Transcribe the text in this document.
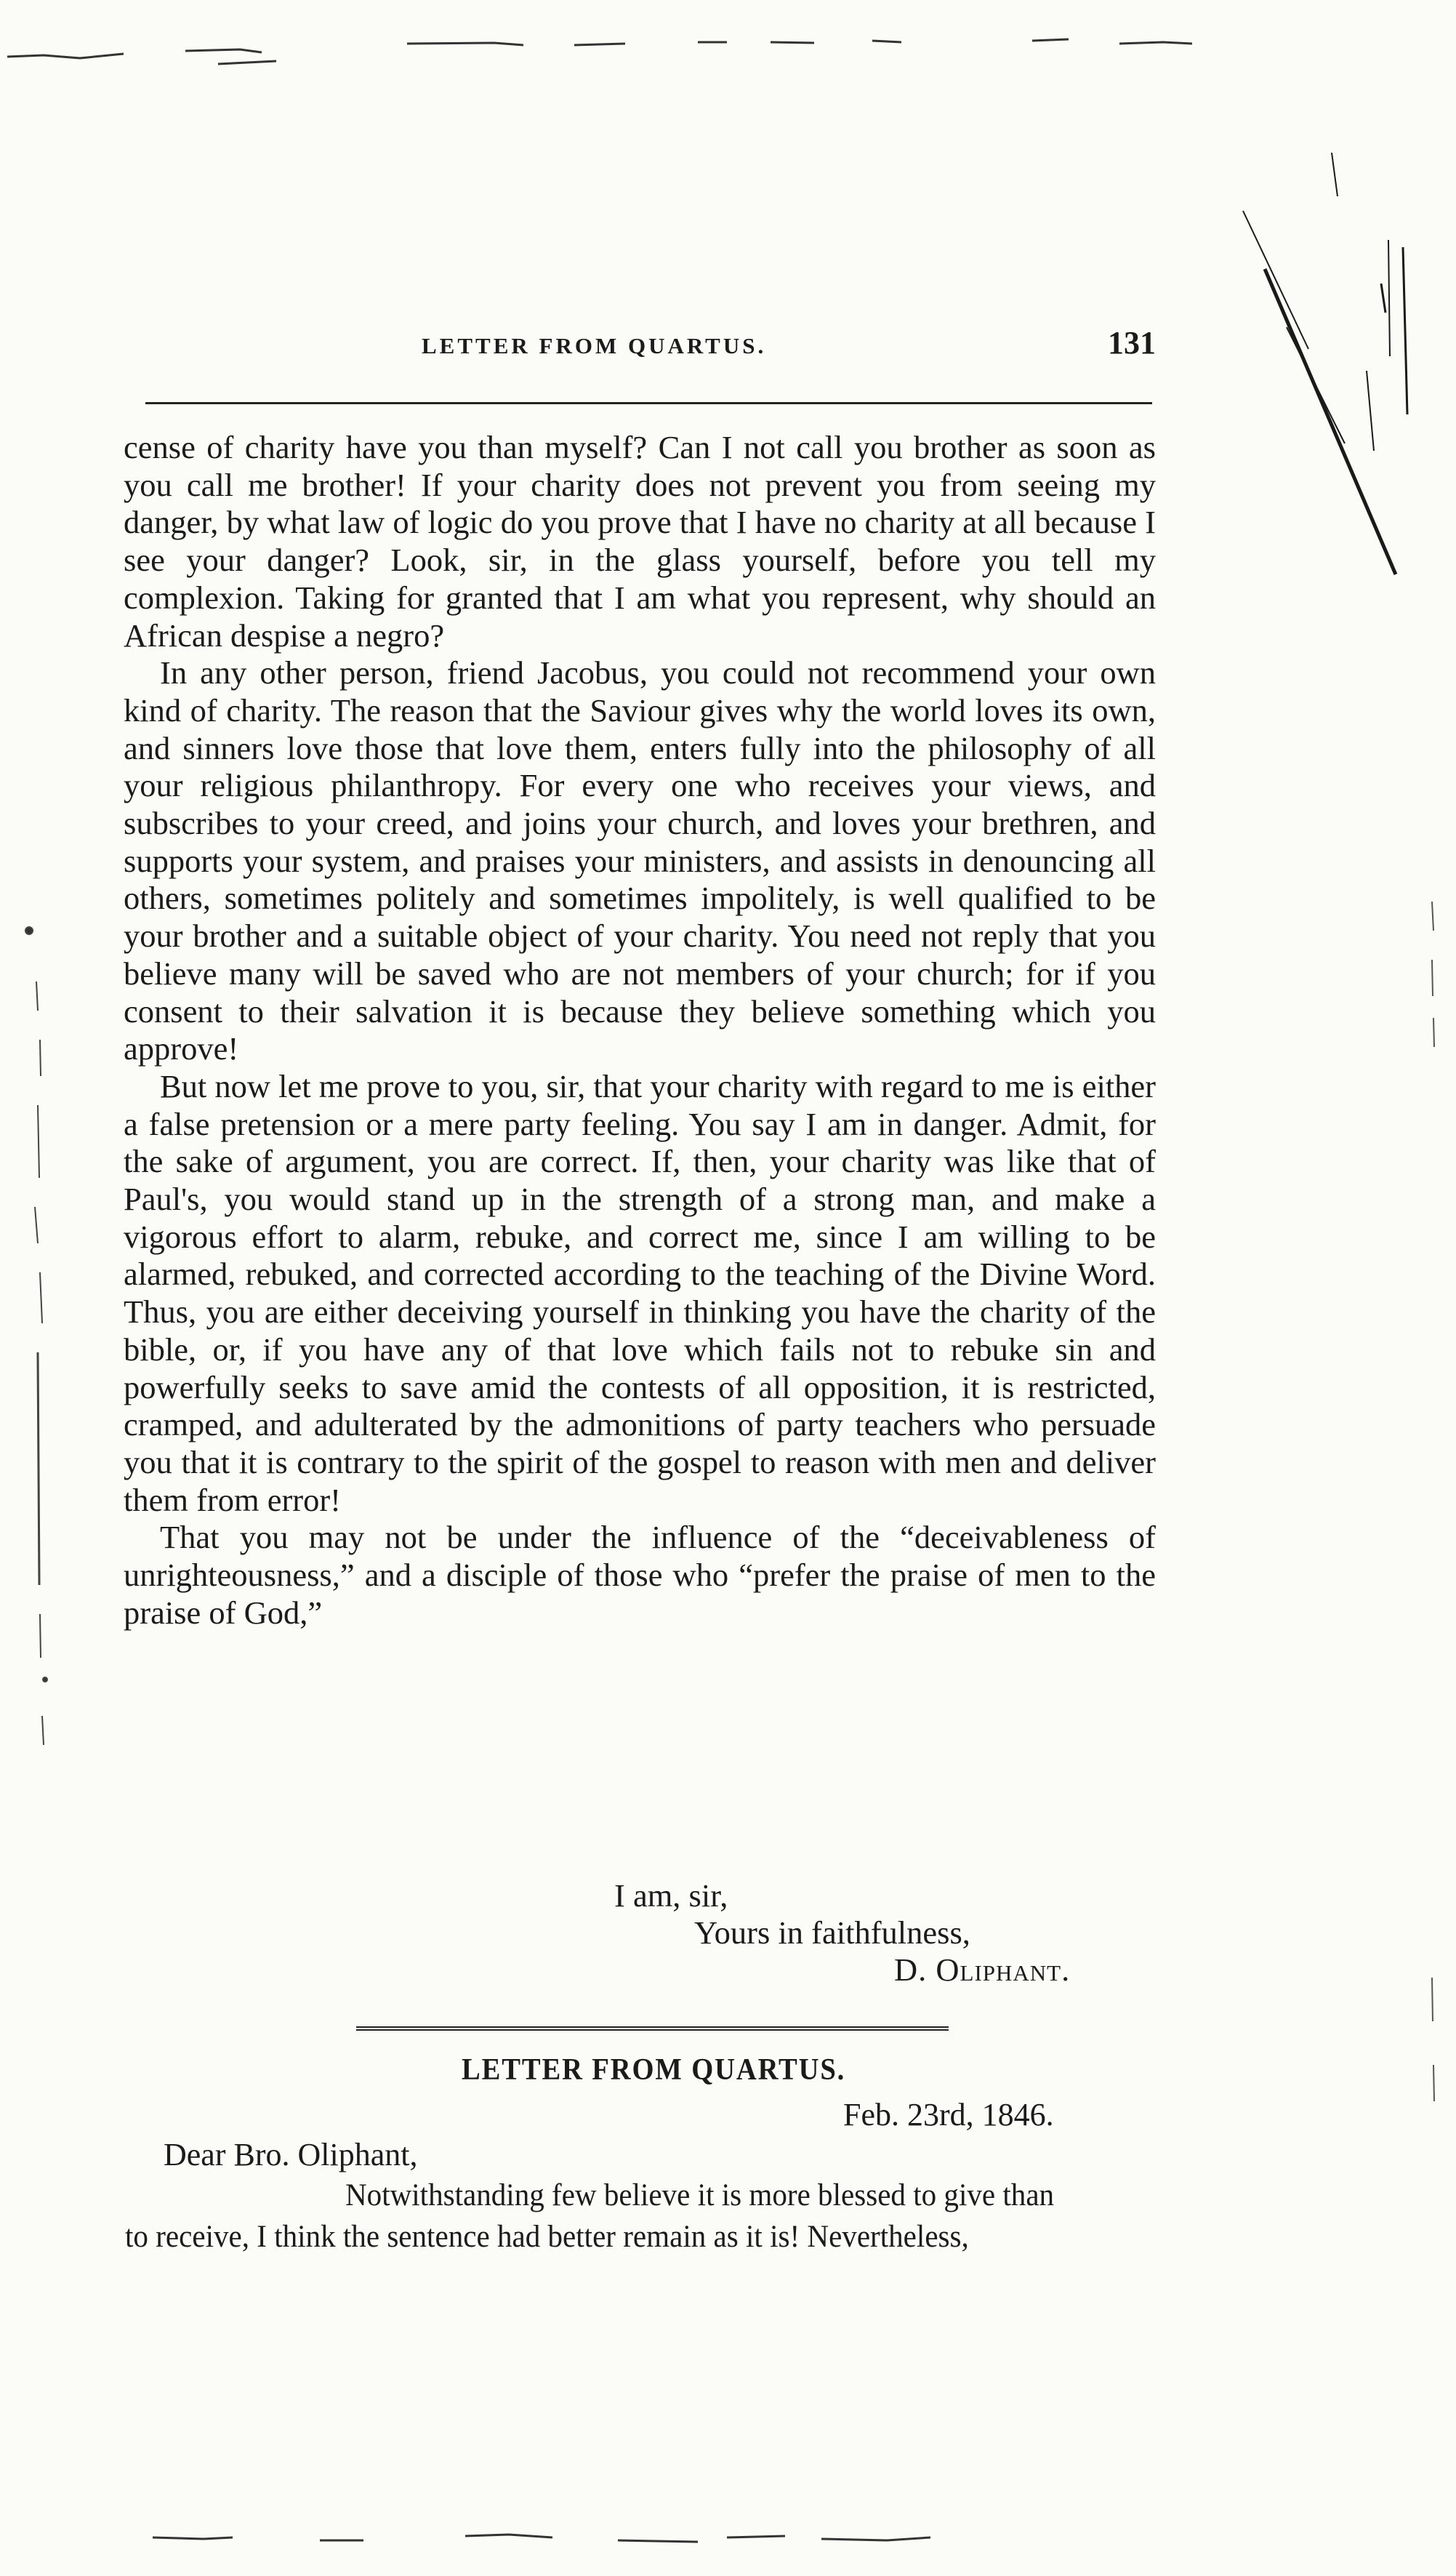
LETTER FROM QUARTUS.	131

cense of charity have you than myself? Can I not call you brother as soon as you call me brother! If your charity does not prevent you from seeing my danger, by what law of logic do you prove that I have no charity at all because I see your danger? Look, sir, in the glass yourself, before you tell my complexion. Taking for granted that I am what you represent, why should an African despise a negro?

In any other person, friend Jacobus, you could not recommend your own kind of charity. The reason that the Saviour gives why the world loves its own, and sinners love those that love them, enters fully into the philosophy of all your religious philanthropy. For every one who receives your views, and subscribes to your creed, and joins your church, and loves your brethren, and supports your system, and praises your ministers, and assists in denouncing all others, sometimes politely and sometimes impolitely, is well qualified to be your brother and a suitable object of your charity. You need not reply that you believe many will be saved who are not members of your church; for if you consent to their salvation it is because they believe something which you approve!

But now let me prove to you, sir, that your charity with regard to me is either a false pretension or a mere party feeling. You say I am in danger. Admit, for the sake of argument, you are correct. If, then, your charity was like that of Paul's, you would stand up in the strength of a strong man, and make a vigorous effort to alarm, rebuke, and correct me, since I am willing to be alarmed, rebuked, and corrected according to the teaching of the Divine Word. Thus, you are either deceiving yourself in thinking you have the charity of the bible, or, if you have any of that love which fails not to rebuke sin and powerfully seeks to save amid the contests of all opposition, it is restricted, cramped, and adulterated by the admonitions of party teachers who persuade you that it is contrary to the spirit of the gospel to reason with men and deliver them from error!

That you may not be under the influence of the “deceivableness of unrighteousness,” and a disciple of those who “prefer the praise of men to the praise of God,”

I am, sir,
Yours in faithfulness,
D. Oliphant.
LETTER FROM QUARTUS.
Feb. 23rd, 1846.
Dear Bro. Oliphant,
Notwithstanding few believe it is more blessed to give than
to receive, I think the sentence had better remain as it is! Nevertheless,
